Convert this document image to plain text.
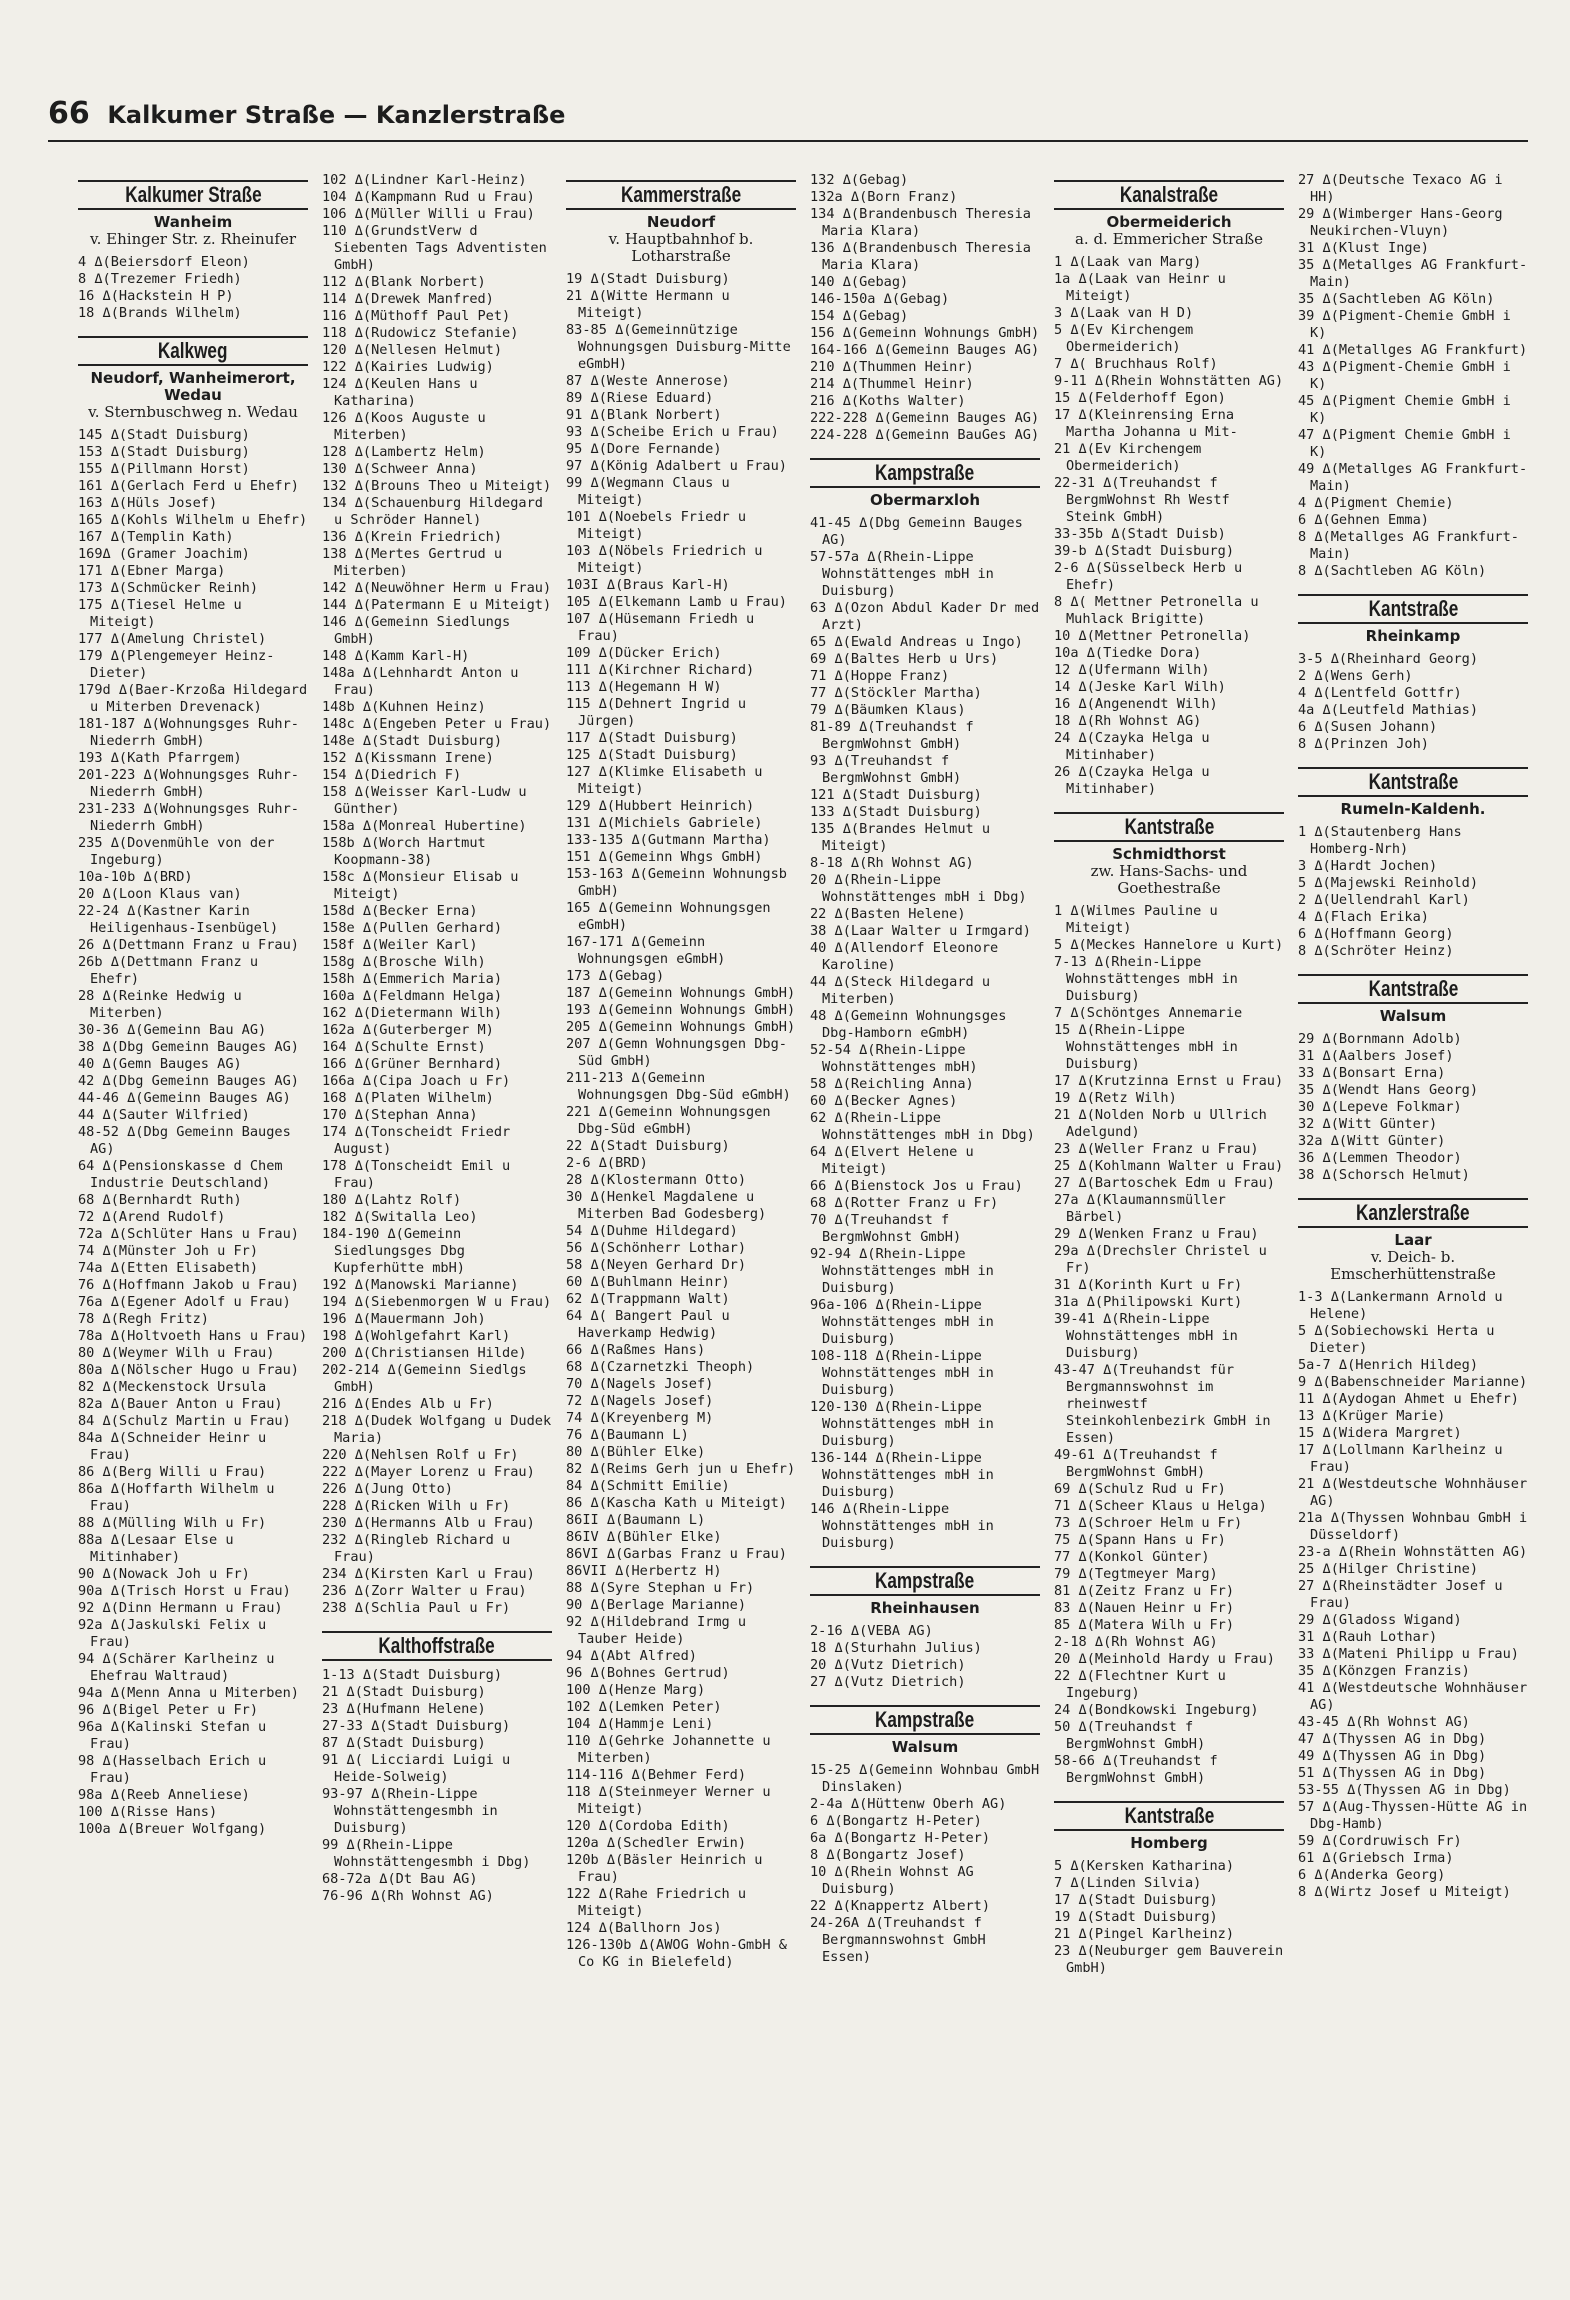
66 Kalkumer Straße — Kanzlerstraße
Kalkumer Straße
Wanheim
v. Ehinger Str. z. Rheinufer

4 Δ(Beiersdorf Eleon)

8 Δ(Trezemer Friedh)

16 Δ(Hackstein H P)

18 Δ(Brands Wilhelm)

Kalkweg
Neudorf, Wanheimerort, Wedau
v. Sternbuschweg n. Wedau

145 Δ(Stadt Duisburg)

153 Δ(Stadt Duisburg)

155 Δ(Pillmann Horst)

161 Δ(Gerlach Ferd u Ehefr)

163 Δ(Hüls Josef)

165 Δ(Kohls Wilhelm u Ehefr)

167 Δ(Templin Kath)

169Δ (Gramer Joachim)

171 Δ(Ebner Marga)

173 Δ(Schmücker Reinh)

175 Δ(Tiesel Helme u Miteigt)

177 Δ(Amelung Christel)

179 Δ(Plengemeyer Heinz-Dieter)

179d Δ(Baer-Krzoßa Hildegard u Miterben Drevenack)

181-187 Δ(Wohnungsges Ruhr-Niederrh GmbH)

193 Δ(Kath Pfarrgem)

201-223 Δ(Wohnungsges Ruhr-Niederrh GmbH)

231-233 Δ(Wohnungsges Ruhr-Niederrh GmbH)

235 Δ(Dovenmühle von der Ingeburg)

10a-10b Δ(BRD)

20 Δ(Loon Klaus van)

22-24 Δ(Kastner Karin Heiligenhaus-Isenbügel)

26 Δ(Dettmann Franz u Frau)

26b Δ(Dettmann Franz u Ehefr)

28 Δ(Reinke Hedwig u Miterben)

30-36 Δ(Gemeinn Bau AG)

38 Δ(Dbg Gemeinn Bauges AG)

40 Δ(Gemn Bauges AG)

42 Δ(Dbg Gemeinn Bauges AG)

44-46 Δ(Gemeinn Bauges AG)

44 Δ(Sauter Wilfried)

48-52 Δ(Dbg Gemeinn Bauges AG)

64 Δ(Pensionskasse d Chem Industrie Deutschland)

68 Δ(Bernhardt Ruth)

72 Δ(Arend Rudolf)

72a Δ(Schlüter Hans u Frau)

74 Δ(Münster Joh u Fr)

74a Δ(Etten Elisabeth)

76 Δ(Hoffmann Jakob u Frau)

76a Δ(Egener Adolf u Frau)

78 Δ(Regh Fritz)

78a Δ(Holtvoeth Hans u Frau)

80 Δ(Weymer Wilh u Frau)

80a Δ(Nölscher Hugo u Frau)

82 Δ(Meckenstock Ursula

82a Δ(Bauer Anton u Frau)

84 Δ(Schulz Martin u Frau)

84a Δ(Schneider Heinr u Frau)

86 Δ(Berg Willi u Frau)

86a Δ(Hoffarth Wilhelm u Frau)

88 Δ(Mülling Wilh u Fr)

88a Δ(Lesaar Else u Mitinhaber)

90 Δ(Nowack Joh u Fr)

90a Δ(Trisch Horst u Frau)

92 Δ(Dinn Hermann u Frau)

92a Δ(Jaskulski Felix u Frau)

94 Δ(Schärer Karlheinz u Ehefrau Waltraud)

94a Δ(Menn Anna u Miterben)

96 Δ(Bigel Peter u Fr)

96a Δ(Kalinski Stefan u Frau)

98 Δ(Hasselbach Erich u Frau)

98a Δ(Reeb Anneliese)

100 Δ(Risse Hans)

100a Δ(Breuer Wolfgang)

102 Δ(Lindner Karl-Heinz)

104 Δ(Kampmann Rud u Frau)

106 Δ(Müller Willi u Frau)

110 Δ(GrundstVerw d Siebenten Tags Adventisten GmbH)

112 Δ(Blank Norbert)

114 Δ(Drewek Manfred)

116 Δ(Müthoff Paul Pet)

118 Δ(Rudowicz Stefanie)

120 Δ(Nellesen Helmut)

122 Δ(Kairies Ludwig)

124 Δ(Keulen Hans u Katharina)

126 Δ(Koos Auguste u Miterben)

128 Δ(Lambertz Helm)

130 Δ(Schweer Anna)

132 Δ(Brouns Theo u Miteigt)

134 Δ(Schauenburg Hildegard u Schröder Hannel)

136 Δ(Krein Friedrich)

138 Δ(Mertes Gertrud u Miterben)

142 Δ(Neuwöhner Herm u Frau)

144 Δ(Patermann E u Miteigt)

146 Δ(Gemeinn Siedlungs GmbH)

148 Δ(Kamm Karl-H)

148a Δ(Lehnhardt Anton u Frau)

148b Δ(Kuhnen Heinz)

148c Δ(Engeben Peter u Frau)

148e Δ(Stadt Duisburg)

152 Δ(Kissmann Irene)

154 Δ(Diedrich F)

158 Δ(Weisser Karl-Ludw u Günther)

158a Δ(Monreal Hubertine)

158b Δ(Worch Hartmut Koopmann-38)

158c Δ(Monsieur Elisab u Miteigt)

158d Δ(Becker Erna)

158e Δ(Pullen Gerhard)

158f Δ(Weiler Karl)

158g Δ(Brosche Wilh)

158h Δ(Emmerich Maria)

160a Δ(Feldmann Helga)

162 Δ(Dietermann Wilh)

162a Δ(Guterberger M)

164 Δ(Schulte Ernst)

166 Δ(Grüner Bernhard)

166a Δ(Cipa Joach u Fr)

168 Δ(Platen Wilhelm)

170 Δ(Stephan Anna)

174 Δ(Tonscheidt Friedr August)

178 Δ(Tonscheidt Emil u Frau)

180 Δ(Lahtz Rolf)

182 Δ(Switalla Leo)

184-190 Δ(Gemeinn Siedlungsges Dbg Kupferhütte mbH)

192 Δ(Manowski Marianne)

194 Δ(Siebenmorgen W u Frau)

196 Δ(Mauermann Joh)

198 Δ(Wohlgefahrt Karl)

200 Δ(Christiansen Hilde)

202-214 Δ(Gemeinn Siedlgs GmbH)

216 Δ(Endes Alb u Fr)

218 Δ(Dudek Wolfgang u Dudek Maria)

220 Δ(Nehlsen Rolf u Fr)

222 Δ(Mayer Lorenz u Frau)

226 Δ(Jung Otto)

228 Δ(Ricken Wilh u Fr)

230 Δ(Hermanns Alb u Frau)

232 Δ(Ringleb Richard u Frau)

234 Δ(Kirsten Karl u Frau)

236 Δ(Zorr Walter u Frau)

238 Δ(Schlia Paul u Fr)

Kalthoffstraße

1-13 Δ(Stadt Duisburg)

21 Δ(Stadt Duisburg)

23 Δ(Hufmann Helene)

27-33 Δ(Stadt Duisburg)

87 Δ(Stadt Duisburg)

91 Δ( Licciardi Luigi u Heide-Solweig)

93-97 Δ(Rhein-Lippe Wohnstättengesmbh in Duisburg)

99 Δ(Rhein-Lippe Wohnstättengesmbh i Dbg)

68-72a Δ(Dt Bau AG)

76-96 Δ(Rh Wohnst AG)

Kammerstraße
Neudorf
v. Hauptbahnhof b. Lotharstraße

19 Δ(Stadt Duisburg)

21 Δ(Witte Hermann u Miteigt)

83-85 Δ(Gemeinnützige Wohnungsgen Duisburg-Mitte eGmbH)

87 Δ(Weste Annerose)

89 Δ(Riese Eduard)

91 Δ(Blank Norbert)

93 Δ(Scheibe Erich u Frau)

95 Δ(Dore Fernande)

97 Δ(König Adalbert u Frau)

99 Δ(Wegmann Claus u Miteigt)

101 Δ(Noebels Friedr u Miteigt)

103 Δ(Nöbels Friedrich u Miteigt)

103I Δ(Braus Karl-H)

105 Δ(Elkemann Lamb u Frau)

107 Δ(Hüsemann Friedh u Frau)

109 Δ(Dücker Erich)

111 Δ(Kirchner Richard)

113 Δ(Hegemann H W)

115 Δ(Dehnert Ingrid u Jürgen)

117 Δ(Stadt Duisburg)

125 Δ(Stadt Duisburg)

127 Δ(Klimke Elisabeth u Miteigt)

129 Δ(Hubbert Heinrich)

131 Δ(Michiels Gabriele)

133-135 Δ(Gutmann Martha)

151 Δ(Gemeinn Whgs GmbH)

153-163 Δ(Gemeinn Wohnungsb GmbH)

165 Δ(Gemeinn Wohnungsgen eGmbH)

167-171 Δ(Gemeinn Wohnungsgen eGmbH)

173 Δ(Gebag)

187 Δ(Gemeinn Wohnungs GmbH)

193 Δ(Gemeinn Wohnungs GmbH)

205 Δ(Gemeinn Wohnungs GmbH)

207 Δ(Gemn Wohnungsgen Dbg-Süd GmbH)

211-213 Δ(Gemeinn Wohnungsgen Dbg-Süd eGmbH)

221 Δ(Gemeinn Wohnungsgen Dbg-Süd eGmbH)

22 Δ(Stadt Duisburg)

2-6 Δ(BRD)

28 Δ(Klostermann Otto)

30 Δ(Henkel Magdalene u Miterben Bad Godesberg)

54 Δ(Duhme Hildegard)

56 Δ(Schönherr Lothar)

58 Δ(Neyen Gerhard Dr)

60 Δ(Buhlmann Heinr)

62 Δ(Trappmann Walt)

64 Δ( Bangert Paul u Haverkamp Hedwig)

66 Δ(Raßmes Hans)

68 Δ(Czarnetzki Theoph)

70 Δ(Nagels Josef)

72 Δ(Nagels Josef)

74 Δ(Kreyenberg M)

76 Δ(Baumann L)

80 Δ(Bühler Elke)

82 Δ(Reims Gerh jun u Ehefr)

84 Δ(Schmitt Emilie)

86 Δ(Kascha Kath u Miteigt)

86II Δ(Baumann L)

86IV Δ(Bühler Elke)

86VI Δ(Garbas Franz u Frau)

86VII Δ(Herbertz H)

88 Δ(Syre Stephan u Fr)

90 Δ(Berlage Marianne)

92 Δ(Hildebrand Irmg u Tauber Heide)

94 Δ(Abt Alfred)

96 Δ(Bohnes Gertrud)

100 Δ(Henze Marg)

102 Δ(Lemken Peter)

104 Δ(Hammje Leni)

110 Δ(Gehrke Johannette u Miterben)

114-116 Δ(Behmer Ferd)

118 Δ(Steinmeyer Werner u Miteigt)

120 Δ(Cordoba Edith)

120a Δ(Schedler Erwin)

120b Δ(Bäsler Heinrich u Frau)

122 Δ(Rahe Friedrich u Miteigt)

124 Δ(Ballhorn Jos)

126-130b Δ(AWOG Wohn-GmbH & Co KG in Bielefeld)

132 Δ(Gebag)

132a Δ(Born Franz)

134 Δ(Brandenbusch Theresia Maria Klara)

136 Δ(Brandenbusch Theresia Maria Klara)

140 Δ(Gebag)

146-150a Δ(Gebag)

154 Δ(Gebag)

156 Δ(Gemeinn Wohnungs GmbH)

164-166 Δ(Gemeinn Bauges AG)

210 Δ(Thummen Heinr)

214 Δ(Thummel Heinr)

216 Δ(Koths Walter)

222-228 Δ(Gemeinn Bauges AG)

224-228 Δ(Gemeinn BauGes AG)

Kampstraße
Obermarxloh

41-45 Δ(Dbg Gemeinn Bauges AG)

57-57a Δ(Rhein-Lippe Wohnstättenges mbH in Duisburg)

63 Δ(Ozon Abdul Kader Dr med Arzt)

65 Δ(Ewald Andreas u Ingo)

69 Δ(Baltes Herb u Urs)

71 Δ(Hoppe Franz)

77 Δ(Stöckler Martha)

79 Δ(Bäumken Klaus)

81-89 Δ(Treuhandst f BergmWohnst GmbH)

93 Δ(Treuhandst f BergmWohnst GmbH)

121 Δ(Stadt Duisburg)

133 Δ(Stadt Duisburg)

135 Δ(Brandes Helmut u Miteigt)

8-18 Δ(Rh Wohnst AG)

20 Δ(Rhein-Lippe Wohnstättenges mbH i Dbg)

22 Δ(Basten Helene)

38 Δ(Laar Walter u Irmgard)

40 Δ(Allendorf Eleonore Karoline)

44 Δ(Steck Hildegard u Miterben)

48 Δ(Gemeinn Wohnungsges Dbg-Hamborn eGmbH)

52-54 Δ(Rhein-Lippe Wohnstättenges mbH)

58 Δ(Reichling Anna)

60 Δ(Becker Agnes)

62 Δ(Rhein-Lippe Wohnstättenges mbH in Dbg)

64 Δ(Elvert Helene u Miteigt)

66 Δ(Bienstock Jos u Frau)

68 Δ(Rotter Franz u Fr)

70 Δ(Treuhandst f BergmWohnst GmbH)

92-94 Δ(Rhein-Lippe Wohnstättenges mbH in Duisburg)

96a-106 Δ(Rhein-Lippe Wohnstättenges mbH in Duisburg)

108-118 Δ(Rhein-Lippe Wohnstättenges mbH in Duisburg)

120-130 Δ(Rhein-Lippe Wohnstättenges mbH in Duisburg)

136-144 Δ(Rhein-Lippe Wohnstättenges mbH in Duisburg)

146 Δ(Rhein-Lippe Wohnstättenges mbH in Duisburg)

Kampstraße
Rheinhausen

2-16 Δ(VEBA AG)

18 Δ(Sturhahn Julius)

20 Δ(Vutz Dietrich)

27 Δ(Vutz Dietrich)

Kampstraße
Walsum

15-25 Δ(Gemeinn Wohnbau GmbH Dinslaken)

2-4a Δ(Hüttenw Oberh AG)

6 Δ(Bongartz H-Peter)

6a Δ(Bongartz H-Peter)

8 Δ(Bongartz Josef)

10 Δ(Rhein Wohnst AG Duisburg)

22 Δ(Knappertz Albert)

24-26A Δ(Treuhandst f Bergmannswohnst GmbH Essen)

Kanalstraße
Obermeiderich
a. d. Emmericher Straße

1 Δ(Laak van Marg)

1a Δ(Laak van Heinr u Miteigt)

3 Δ(Laak van H D)

5 Δ(Ev Kirchengem Obermeiderich)

7 Δ( Bruchhaus Rolf)

9-11 Δ(Rhein Wohnstätten AG)

15 Δ(Felderhoff Egon)

17 Δ(Kleinrensing Erna Martha Johanna u Mit-

21 Δ(Ev Kirchengem Obermeiderich)

22-31 Δ(Treuhandst f BergmWohnst Rh Westf Steink GmbH)

33-35b Δ(Stadt Duisb)

39-b Δ(Stadt Duisburg)

2-6 Δ(Süsselbeck Herb u Ehefr)

8 Δ( Mettner Petronella u Muhlack Brigitte)

10 Δ(Mettner Petronella)

10a Δ(Tiedke Dora)

12 Δ(Ufermann Wilh)

14 Δ(Jeske Karl Wilh)

16 Δ(Angenendt Wilh)

18 Δ(Rh Wohnst AG)

24 Δ(Czayka Helga u Mitinhaber)

26 Δ(Czayka Helga u Mitinhaber)

Kantstraße
Schmidthorst
zw. Hans-Sachs- und Goethestraße

1 Δ(Wilmes Pauline u Miteigt)

5 Δ(Meckes Hannelore u Kurt)

7-13 Δ(Rhein-Lippe Wohnstättenges mbH in Duisburg)

7 Δ(Schöntges Annemarie

15 Δ(Rhein-Lippe Wohnstättenges mbH in Duisburg)

17 Δ(Krutzinna Ernst u Frau)

19 Δ(Retz Wilh)

21 Δ(Nolden Norb u Ullrich Adelgund)

23 Δ(Weller Franz u Frau)

25 Δ(Kohlmann Walter u Frau)

27 Δ(Bartoschek Edm u Frau)

27a Δ(Klaumannsmüller Bärbel)

29 Δ(Wenken Franz u Frau)

29a Δ(Drechsler Christel u Fr)

31 Δ(Korinth Kurt u Fr)

31a Δ(Philipowski Kurt)

39-41 Δ(Rhein-Lippe Wohnstättenges mbH in Duisburg)

43-47 Δ(Treuhandst für Bergmannswohnst im rheinwestf Steinkohlenbezirk GmbH in Essen)

49-61 Δ(Treuhandst f BergmWohnst GmbH)

69 Δ(Schulz Rud u Fr)

71 Δ(Scheer Klaus u Helga)

73 Δ(Schroer Helm u Fr)

75 Δ(Spann Hans u Fr)

77 Δ(Konkol Günter)

79 Δ(Tegtmeyer Marg)

81 Δ(Zeitz Franz u Fr)

83 Δ(Nauen Heinr u Fr)

85 Δ(Matera Wilh u Fr)

2-18 Δ(Rh Wohnst AG)

20 Δ(Meinhold Hardy u Frau)

22 Δ(Flechtner Kurt u Ingeburg)

24 Δ(Bondkowski Ingeburg)

50 Δ(Treuhandst f BergmWohnst GmbH)

58-66 Δ(Treuhandst f BergmWohnst GmbH)

Kantstraße
Homberg

5 Δ(Kersken Katharina)

7 Δ(Linden Silvia)

17 Δ(Stadt Duisburg)

19 Δ(Stadt Duisburg)

21 Δ(Pingel Karlheinz)

23 Δ(Neuburger gem Bauverein GmbH)

27 Δ(Deutsche Texaco AG i HH)

29 Δ(Wimberger Hans-Georg Neukirchen-Vluyn)

31 Δ(Klust Inge)

35 Δ(Metallges AG Frankfurt-Main)

35 Δ(Sachtleben AG Köln)

39 Δ(Pigment-Chemie GmbH i K)

41 Δ(Metallges AG Frankfurt)

43 Δ(Pigment-Chemie GmbH i K)

45 Δ(Pigment Chemie GmbH i K)

47 Δ(Pigment Chemie GmbH i K)

49 Δ(Metallges AG Frankfurt-Main)

4 Δ(Pigment Chemie)

6 Δ(Gehnen Emma)

8 Δ(Metallges AG Frankfurt-Main)

8 Δ(Sachtleben AG Köln)

Kantstraße
Rheinkamp

3-5 Δ(Rheinhard Georg)

2 Δ(Wens Gerh)

4 Δ(Lentfeld Gottfr)

4a Δ(Leutfeld Mathias)

6 Δ(Susen Johann)

8 Δ(Prinzen Joh)

Kantstraße
Rumeln-Kaldenh.

1 Δ(Stautenberg Hans Homberg-Nrh)

3 Δ(Hardt Jochen)

5 Δ(Majewski Reinhold)

2 Δ(Uellendrahl Karl)

4 Δ(Flach Erika)

6 Δ(Hoffmann Georg)

8 Δ(Schröter Heinz)

Kantstraße
Walsum

29 Δ(Bornmann Adolb)

31 Δ(Aalbers Josef)

33 Δ(Bonsart Erna)

35 Δ(Wendt Hans Georg)

30 Δ(Lepeve Folkmar)

32 Δ(Witt Günter)

32a Δ(Witt Günter)

36 Δ(Lemmen Theodor)

38 Δ(Schorsch Helmut)

Kanzlerstraße
Laar
v. Deich- b. Emscherhüttenstraße

1-3 Δ(Lankermann Arnold u Helene)

5 Δ(Sobiechowski Herta u Dieter)

5a-7 Δ(Henrich Hildeg)

9 Δ(Babenschneider Marianne)

11 Δ(Aydogan Ahmet u Ehefr)

13 Δ(Krüger Marie)

15 Δ(Widera Margret)

17 Δ(Lollmann Karlheinz u Frau)

21 Δ(Westdeutsche Wohnhäuser AG)

21a Δ(Thyssen Wohnbau GmbH i Düsseldorf)

23-a Δ(Rhein Wohnstätten AG)

25 Δ(Hilger Christine)

27 Δ(Rheinstädter Josef u Frau)

29 Δ(Gladoss Wigand)

31 Δ(Rauh Lothar)

33 Δ(Mateni Philipp u Frau)

35 Δ(Könzgen Franzis)

41 Δ(Westdeutsche Wohnhäuser AG)

43-45 Δ(Rh Wohnst AG)

47 Δ(Thyssen AG in Dbg)

49 Δ(Thyssen AG in Dbg)

51 Δ(Thyssen AG in Dbg)

53-55 Δ(Thyssen AG in Dbg)

57 Δ(Aug-Thyssen-Hütte AG in Dbg-Hamb)

59 Δ(Cordruwisch Fr)

61 Δ(Griebsch Irma)

6 Δ(Anderka Georg)

8 Δ(Wirtz Josef u Miteigt)
